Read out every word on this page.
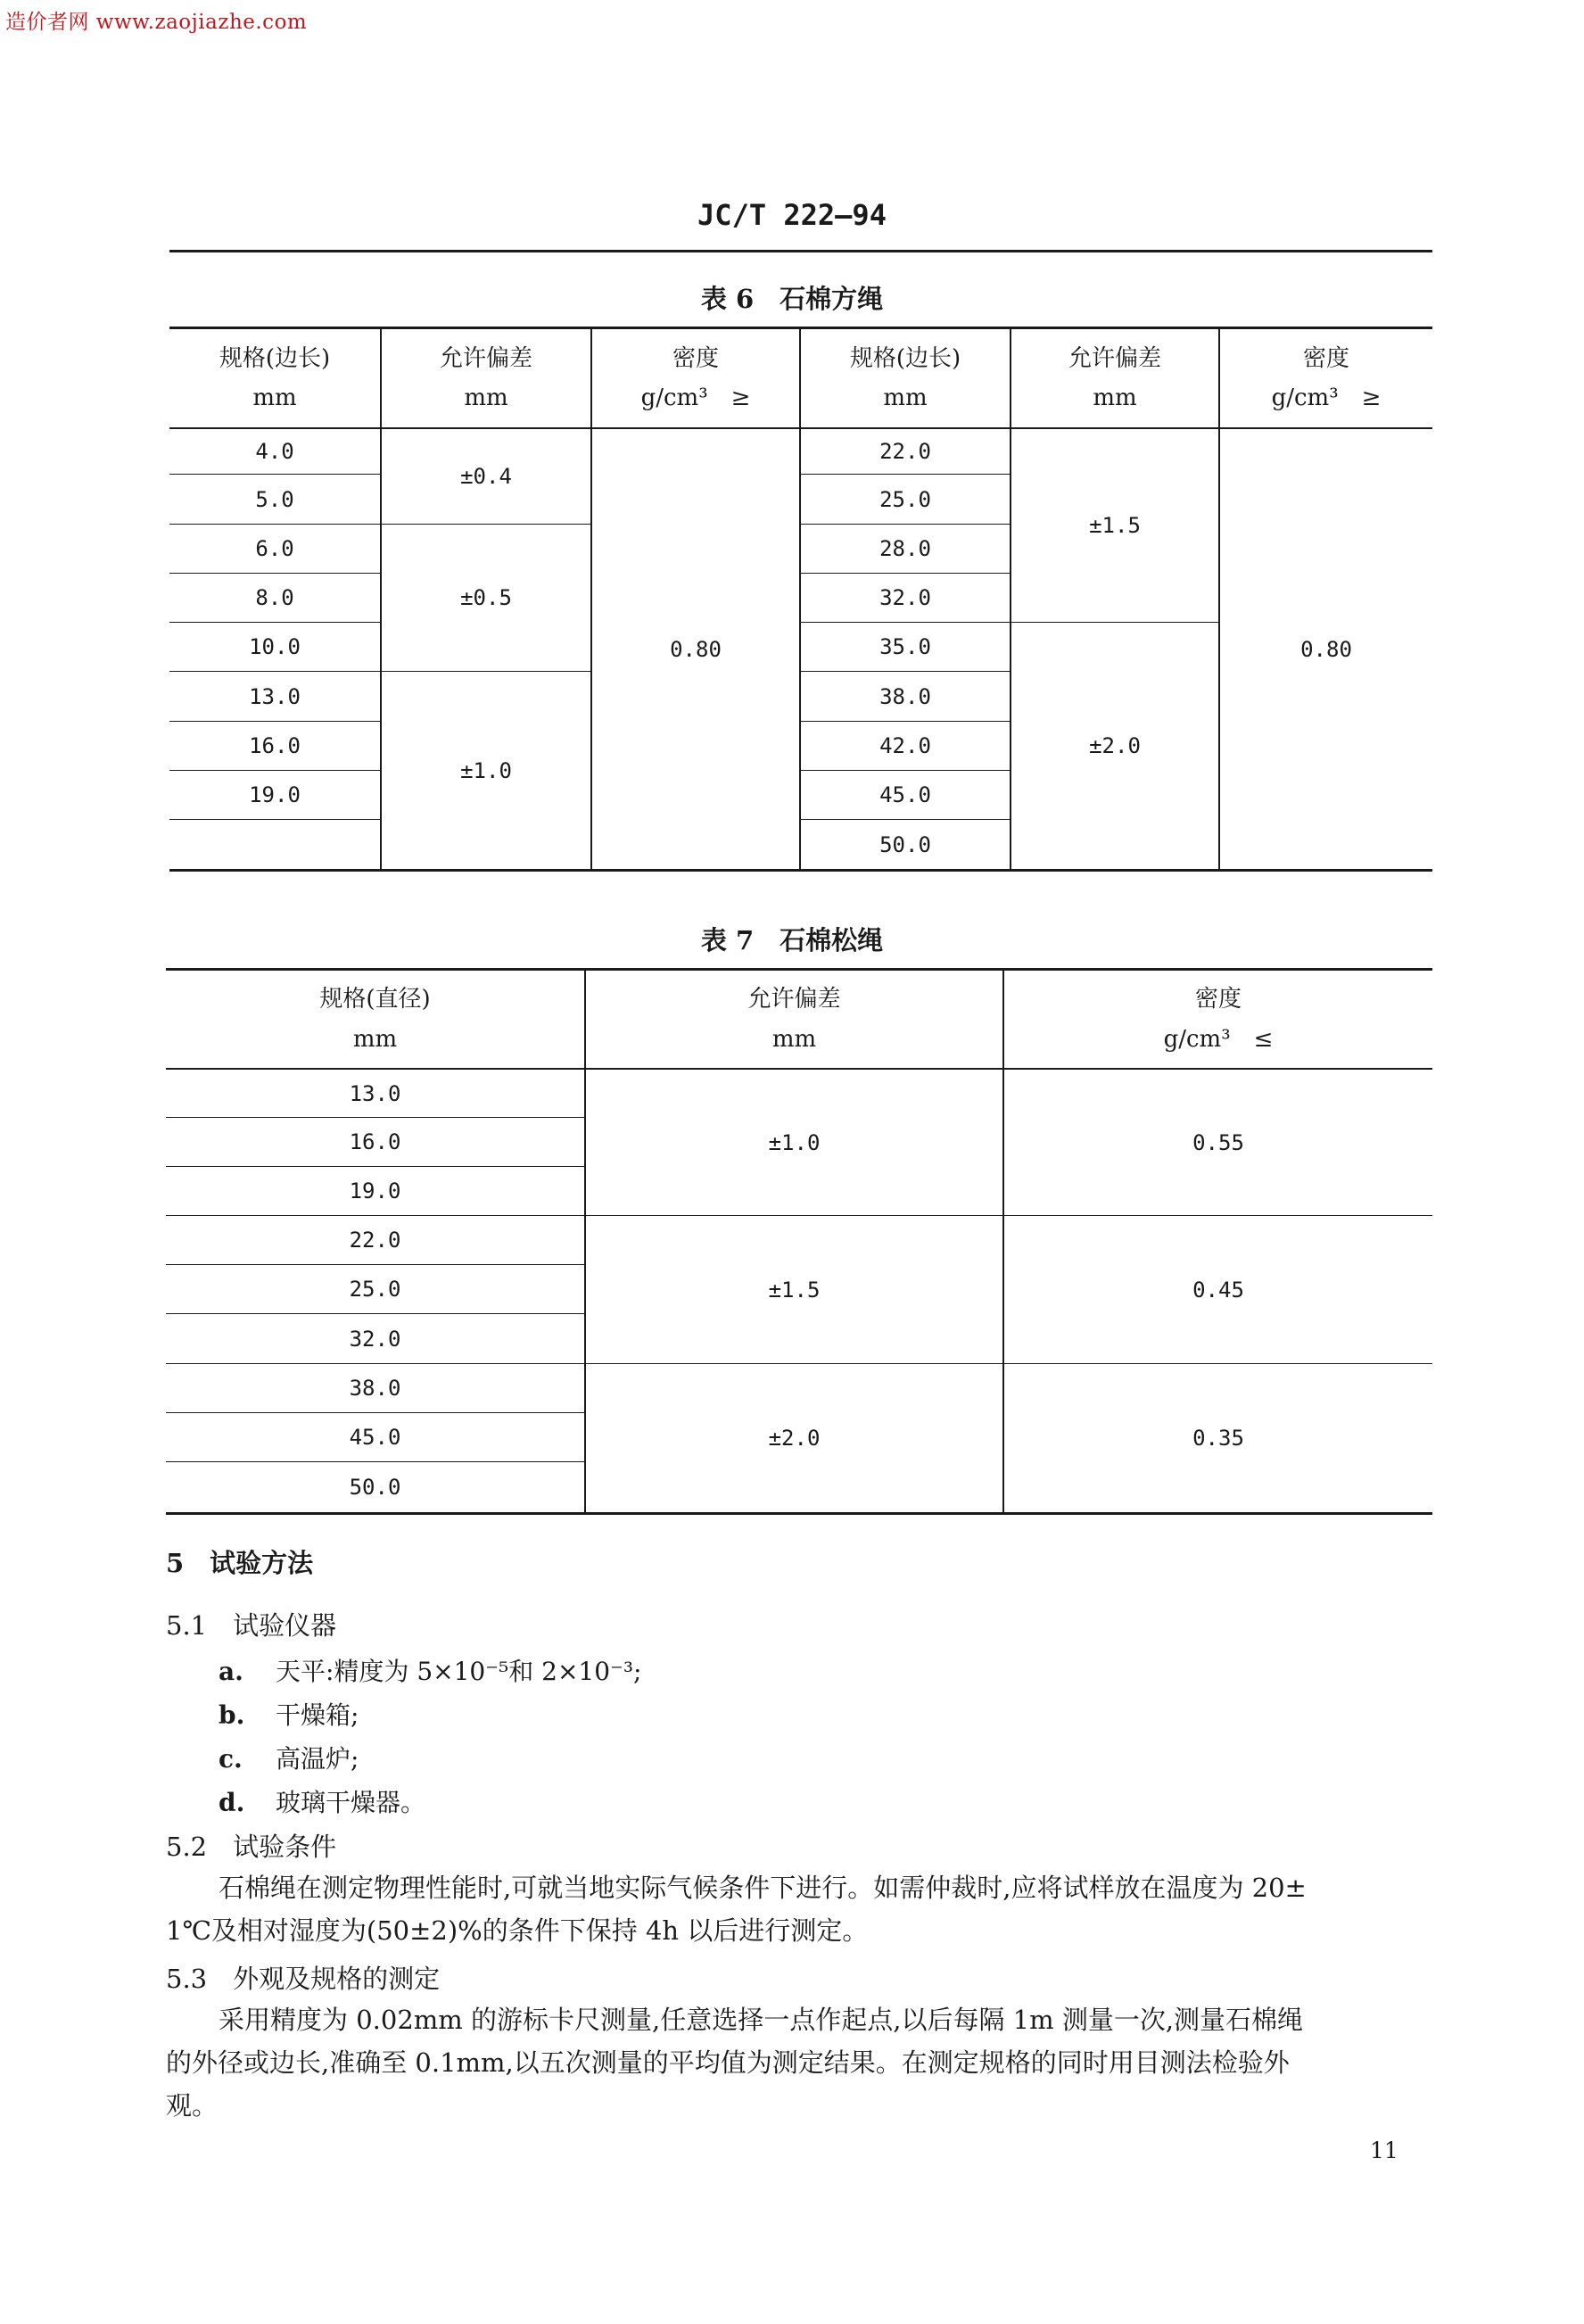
造价者网 www.zaojiazhe.com
JC/T 222—94
表 6　石棉方绳
规格(边长)
mm
允许偏差
mm
密度
g/cm³　≥
规格(边长)
mm
允许偏差
mm
密度
g/cm³　≥
4.0
5.0
6.0
8.0
10.0
13.0
16.0
19.0
±0.4
±0.5
±1.0
0.80
22.0
25.0
28.0
32.0
35.0
38.0
42.0
45.0
50.0
±1.5
±2.0
0.80
表 7　石棉松绳
规格(直径)
mm
允许偏差
mm
密度
g/cm³　≤
13.0
16.0
19.0
22.0
25.0
32.0
38.0
45.0
50.0
±1.0
±1.5
±2.0
0.55
0.45
0.35
5　试验方法
5.1　试验仪器
a. 天平:精度为 5×10⁻⁵和 2×10⁻³;
b. 干燥箱;
c. 高温炉;
d. 玻璃干燥器。
5.2　试验条件
石棉绳在测定物理性能时,可就当地实际气候条件下进行。如需仲裁时,应将试样放在温度为 20±
1℃及相对湿度为(50±2)%的条件下保持 4h 以后进行测定。
5.3　外观及规格的测定
采用精度为 0.02mm 的游标卡尺测量,任意选择一点作起点,以后每隔 1m 测量一次,测量石棉绳
的外径或边长,准确至 0.1mm,以五次测量的平均值为测定结果。在测定规格的同时用目测法检验外
观。
11
